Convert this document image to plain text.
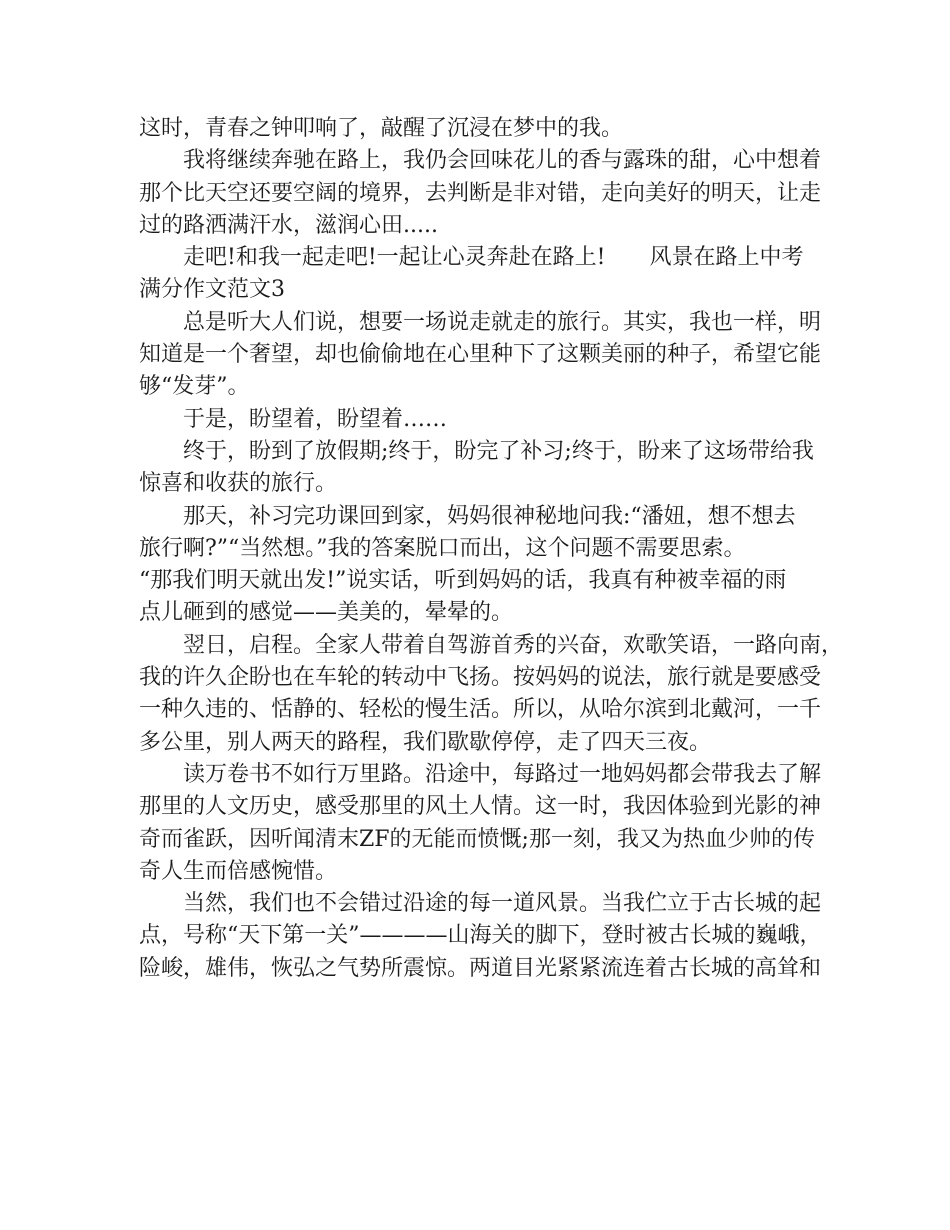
这时，青春之钟叩响了，敲醒了沉浸在梦中的我。
　　我将继续奔驰在路上，我仍会回味花儿的香与露珠的甜，心中想着
那个比天空还要空阔的境界，去判断是非对错，走向美好的明天，让走
过的路洒满汗水，滋润心田.....
　　走吧!和我一起走吧!一起让心灵奔赴在路上!　　风景在路上中考
满分作文范文3
　　总是听大人们说，想要一场说走就走的旅行。其实，我也一样，明
知道是一个奢望，却也偷偷地在心里种下了这颗美丽的种子，希望它能
够“发芽”。
　　于是，盼望着，盼望着……
　　终于，盼到了放假期;终于，盼完了补习;终于，盼来了这场带给我
惊喜和收获的旅行。
　　那天，补习完功课回到家，妈妈很神秘地问我:“潘妞，想不想去
旅行啊?”“当然想。”我的答案脱口而出，这个问题不需要思索。
“那我们明天就出发!”说实话，听到妈妈的话，我真有种被幸福的雨
点儿砸到的感觉——美美的，晕晕的。
　　翌日，启程。全家人带着自驾游首秀的兴奋，欢歌笑语，一路向南，
我的许久企盼也在车轮的转动中飞扬。按妈妈的说法，旅行就是要感受
一种久违的、恬静的、轻松的慢生活。所以，从哈尔滨到北戴河，一千
多公里，别人两天的路程，我们歇歇停停，走了四天三夜。
　　读万卷书不如行万里路。沿途中，每路过一地妈妈都会带我去了解
那里的人文历史，感受那里的风土人情。这一时，我因体验到光影的神
奇而雀跃，因听闻清末ZF的无能而愤慨;那一刻，我又为热血少帅的传
奇人生而倍感惋惜。
　　当然，我们也不会错过沿途的每一道风景。当我伫立于古长城的起
点，号称“天下第一关”————山海关的脚下，登时被古长城的巍峨，
险峻，雄伟，恢弘之气势所震惊。两道目光紧紧流连着古长城的高耸和
